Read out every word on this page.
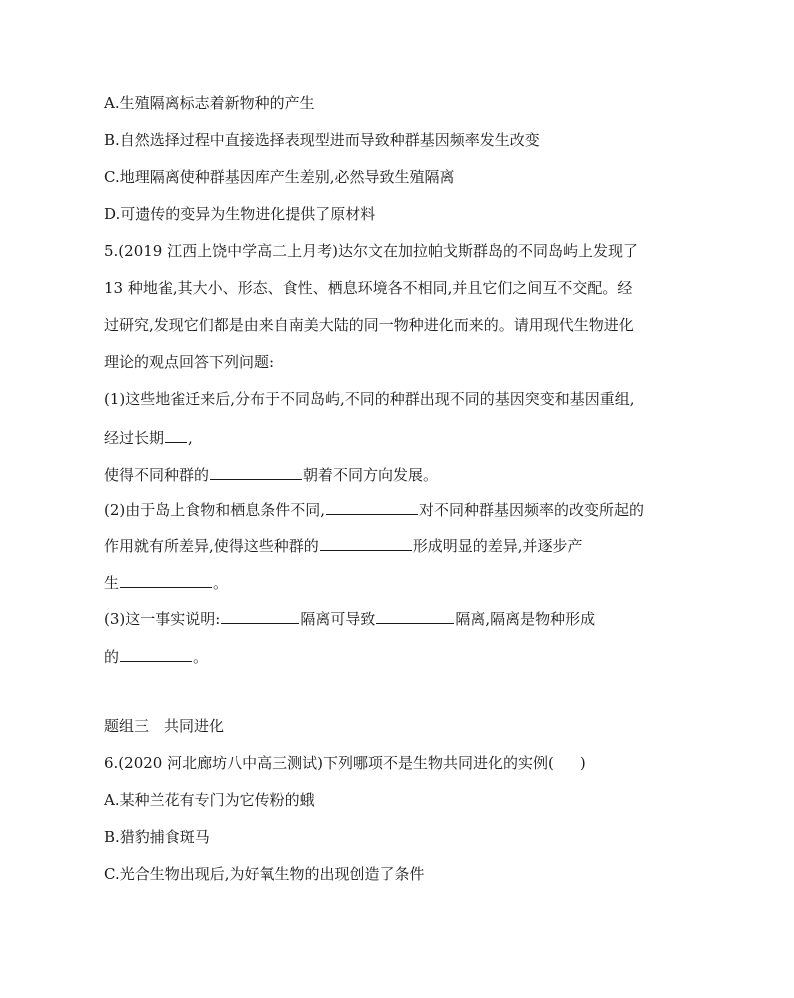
A.生殖隔离标志着新物种的产生
B.自然选择过程中直接选择表现型进而导致种群基因频率发生改变
C.地理隔离使种群基因库产生差别,必然导致生殖隔离
D.可遗传的变异为生物进化提供了原材料
5.(2019 江西上饶中学高二上月考)达尔文在加拉帕戈斯群岛的不同岛屿上发现了
13 种地雀,其大小、形态、食性、栖息环境各不相同,并且它们之间互不交配。经
过研究,发现它们都是由来自南美大陆的同一物种进化而来的。请用现代生物进化
理论的观点回答下列问题:
(1)这些地雀迁来后,分布于不同岛屿,不同的种群出现不同的基因突变和基因重组,
经过长期 ,
使得不同种群的	朝着不同方向发展。
(2)由于岛上食物和栖息条件不同,	对不同种群基因频率的改变所起的
作用就有所差异,使得这些种群的	形成明显的差异,并逐步产
生	。
(3)这一事实说明:	隔离可导致	隔离,隔离是物种形成
的	。
题组三　共同进化
6.(2020 河北廊坊八中高三测试)下列哪项不是生物共同进化的实例( )
A.某种兰花有专门为它传粉的蛾
B.猎豹捕食斑马
C.光合生物出现后,为好氧生物的出现创造了条件
